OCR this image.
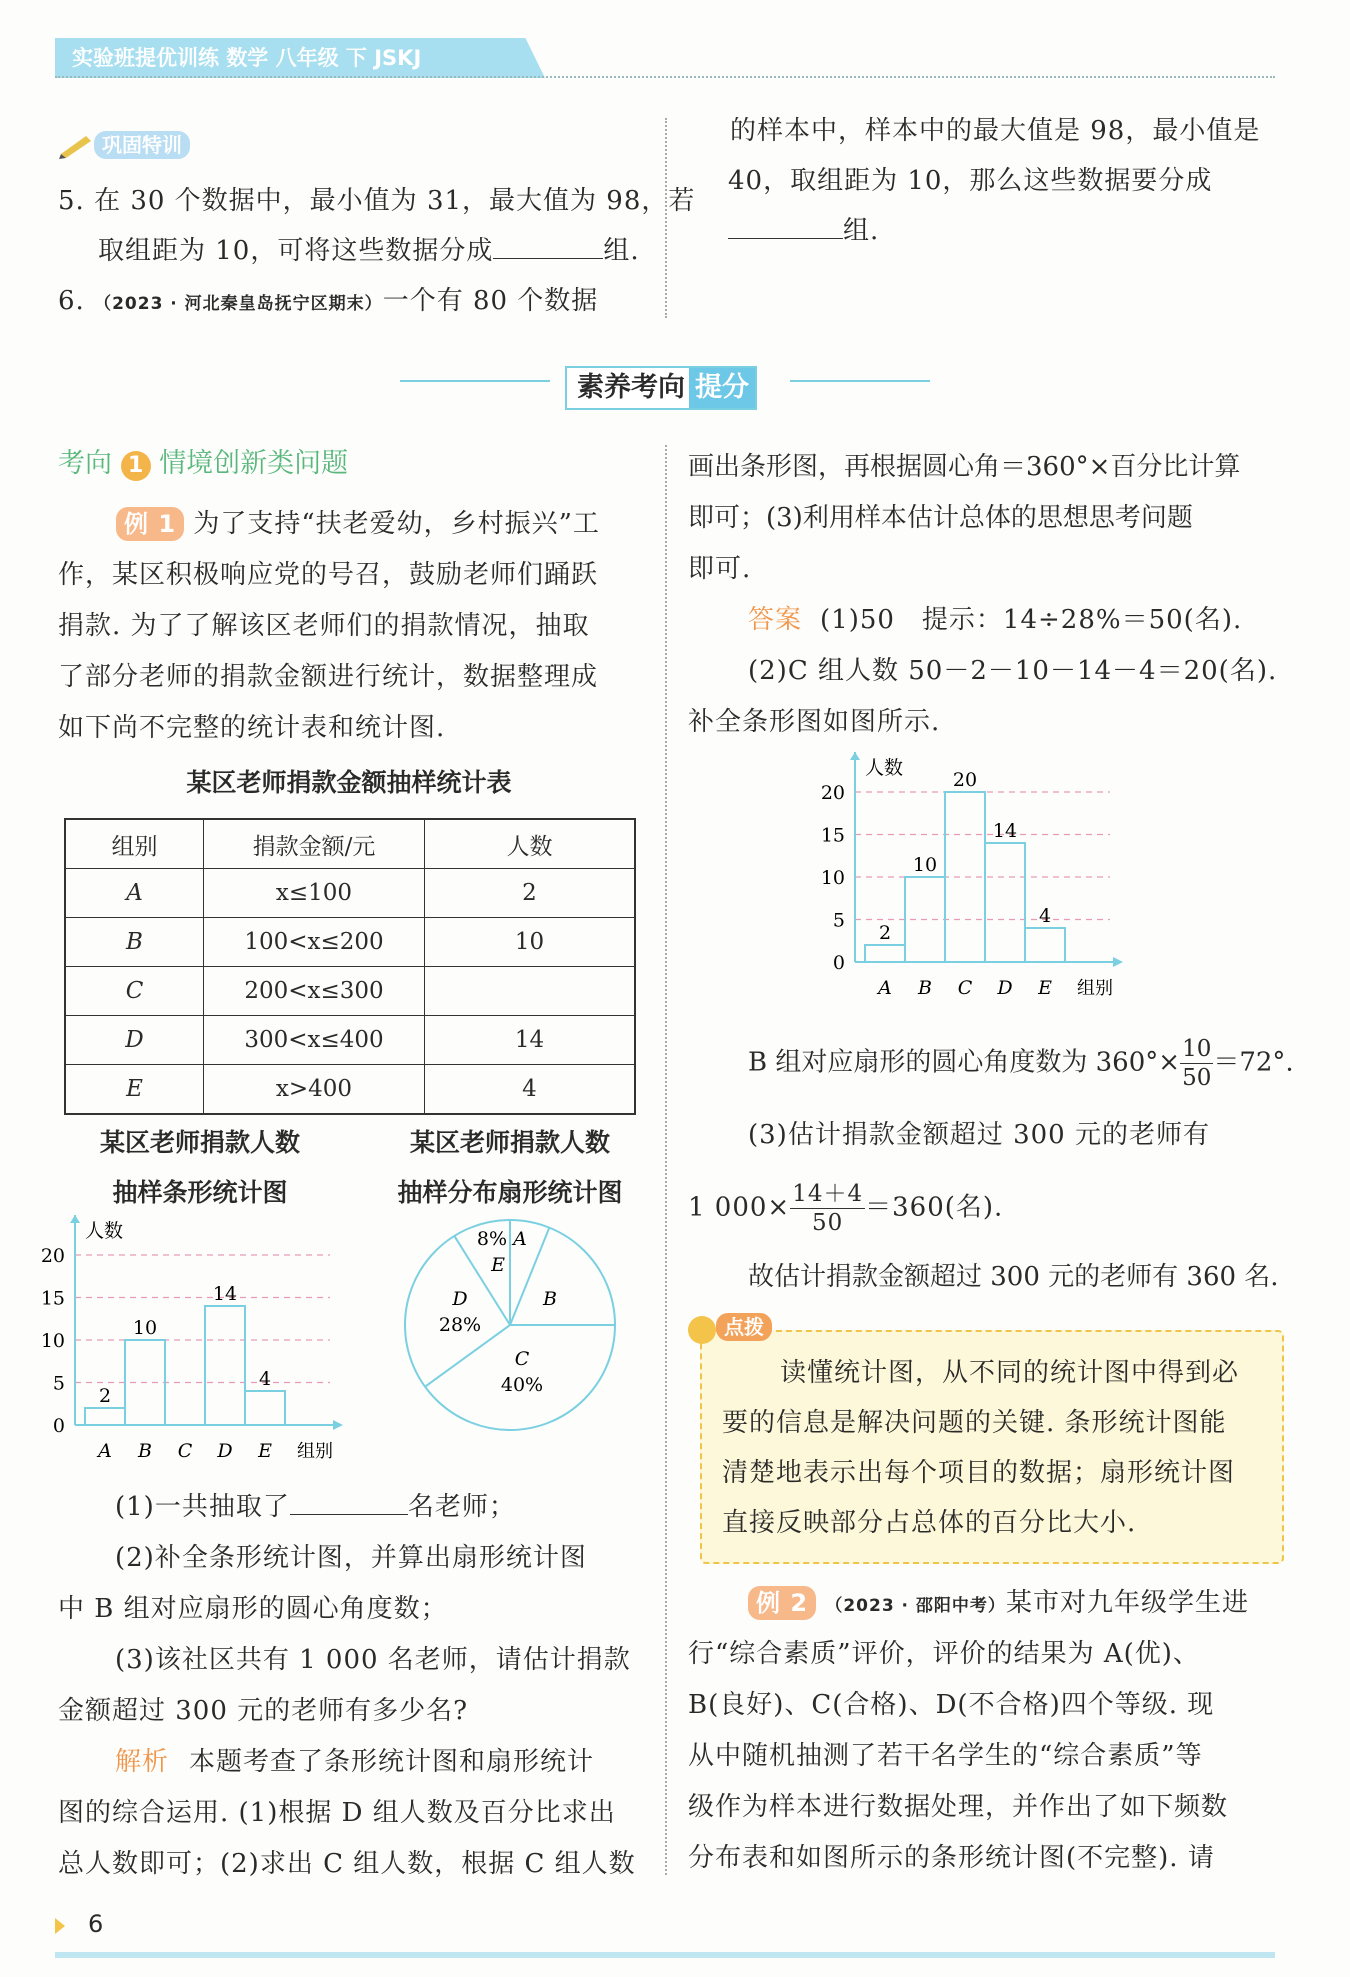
实验班提优训练 数学 八年级 下 JSKJ
巩固特训

5. 在 30 个数据中，最小值为 31，最大值为 98，若

取组距为 10，可将这些数据分成	组.

6. （2023 · 河北秦皇岛抚宁区期末）一个有 80 个数据

的样本中，样本中的最大值是 98，最小值是

40，取组距为 10，那么这些数据要分成

组.

素养考向 提分
考向 1 情境创新类问题

例 1 为了支持“扶老爱幼，乡村振兴”工

作，某区积极响应党的号召，鼓励老师们踊跃

捐款. 为了了解该区老师们的捐款情况，抽取

了部分老师的捐款金额进行统计，数据整理成

如下尚不完整的统计表和统计图.

某区老师捐款金额抽样统计表
组别	捐款金额/元	人数
A	x≤100	2
B	100<x≤200	10
C	200<x≤300	
D	300<x≤400	14
E	x>400	4
某区老师捐款人数
抽样条形统计图
某区老师捐款人数
抽样分布扇形统计图
0
5
10
15
20
人数
组别
A
2
B
10
C D
14
E
4
8%
E
A
B
C
40%
D
28%

(1)一共抽取了	名老师；

(2)补全条形统计图，并算出扇形统计图

中 B 组对应扇形的圆心角度数；

(3)该社区共有 1 000 名老师，请估计捐款

金额超过 300 元的老师有多少名?

解析 本题考查了条形统计图和扇形统计

图的综合运用. (1)根据 D 组人数及百分比求出

总人数即可；(2)求出 C 组人数，根据 C 组人数

画出条形图，再根据圆心角＝360°×百分比计算

即可；(3)利用样本估计总体的思想思考问题

即可.

答案 (1)50　提示：14÷28%＝50(名).

(2)C 组人数 50－2－10－14－4＝20(名).

补全条形图如图所示.

0
5
10
15
20
人数
组别
A
2
B
10
C
20
D
14
E
4

B 组对应扇形的圆心角度数为 $360^\circ\times \frac{10}{50} =72^\circ$.

(3)估计捐款金额超过 300 元的老师有

1 $000\times \frac{14+4}{50} =360$(名).

故估计捐款金额超过 300 元的老师有 360 名.

点拨

读懂统计图，从不同的统计图中得到必

要的信息是解决问题的关键. 条形统计图能

清楚地表示出每个项目的数据；扇形统计图

直接反映部分占总体的百分比大小.

例 2 （2023 · 邵阳中考）某市对九年级学生进

行“综合素质”评价，评价的结果为 A(优)、

B(良好)、C(合格)、D(不合格)四个等级. 现

从中随机抽测了若干名学生的“综合素质”等

级作为样本进行数据处理，并作出了如下频数

分布表和如图所示的条形统计图(不完整). 请

6
